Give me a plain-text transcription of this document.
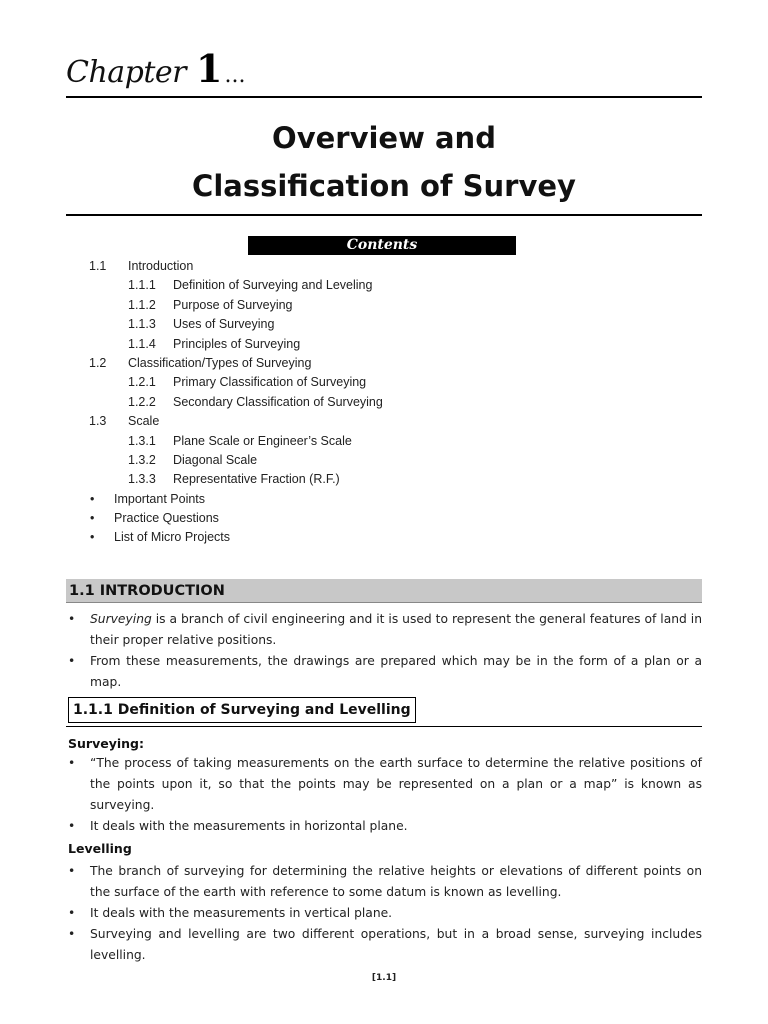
Chapter 1 ...
Overview and
Classification of Survey
Contents
1.1	Introduction
1.1.1	Definition of Surveying and Leveling
1.1.2	Purpose of Surveying
1.1.3	Uses of Surveying
1.1.4	Principles of Surveying
1.2	Classification/Types of Surveying
1.2.1	Primary Classification of Surveying
1.2.2	Secondary Classification of Surveying
1.3	Scale
1.3.1	Plane Scale or Engineer’s Scale
1.3.2	Diagonal Scale
1.3.3	Representative Fraction (R.F.)
•	Important Points
•	Practice Questions
•	List of Micro Projects
1.1 INTRODUCTION
• Surveying is a branch of civil engineering and it is used to represent the general features of land in their proper relative positions.
• From these measurements, the drawings are prepared which may be in the form of a plan or a map.
1.1.1 Definition of Surveying and Levelling
Surveying:
• “The process of taking measurements on the earth surface to determine the relative positions of the points upon it, so that the points may be represented on a plan or a map” is known as surveying.
• It deals with the measurements in horizontal plane.
Levelling
• The branch of surveying for determining the relative heights or elevations of different points on the surface of the earth with reference to some datum is known as levelling.
• It deals with the measurements in vertical plane.
• Surveying and levelling are two different operations, but in a broad sense, surveying includes levelling.
[1.1]
